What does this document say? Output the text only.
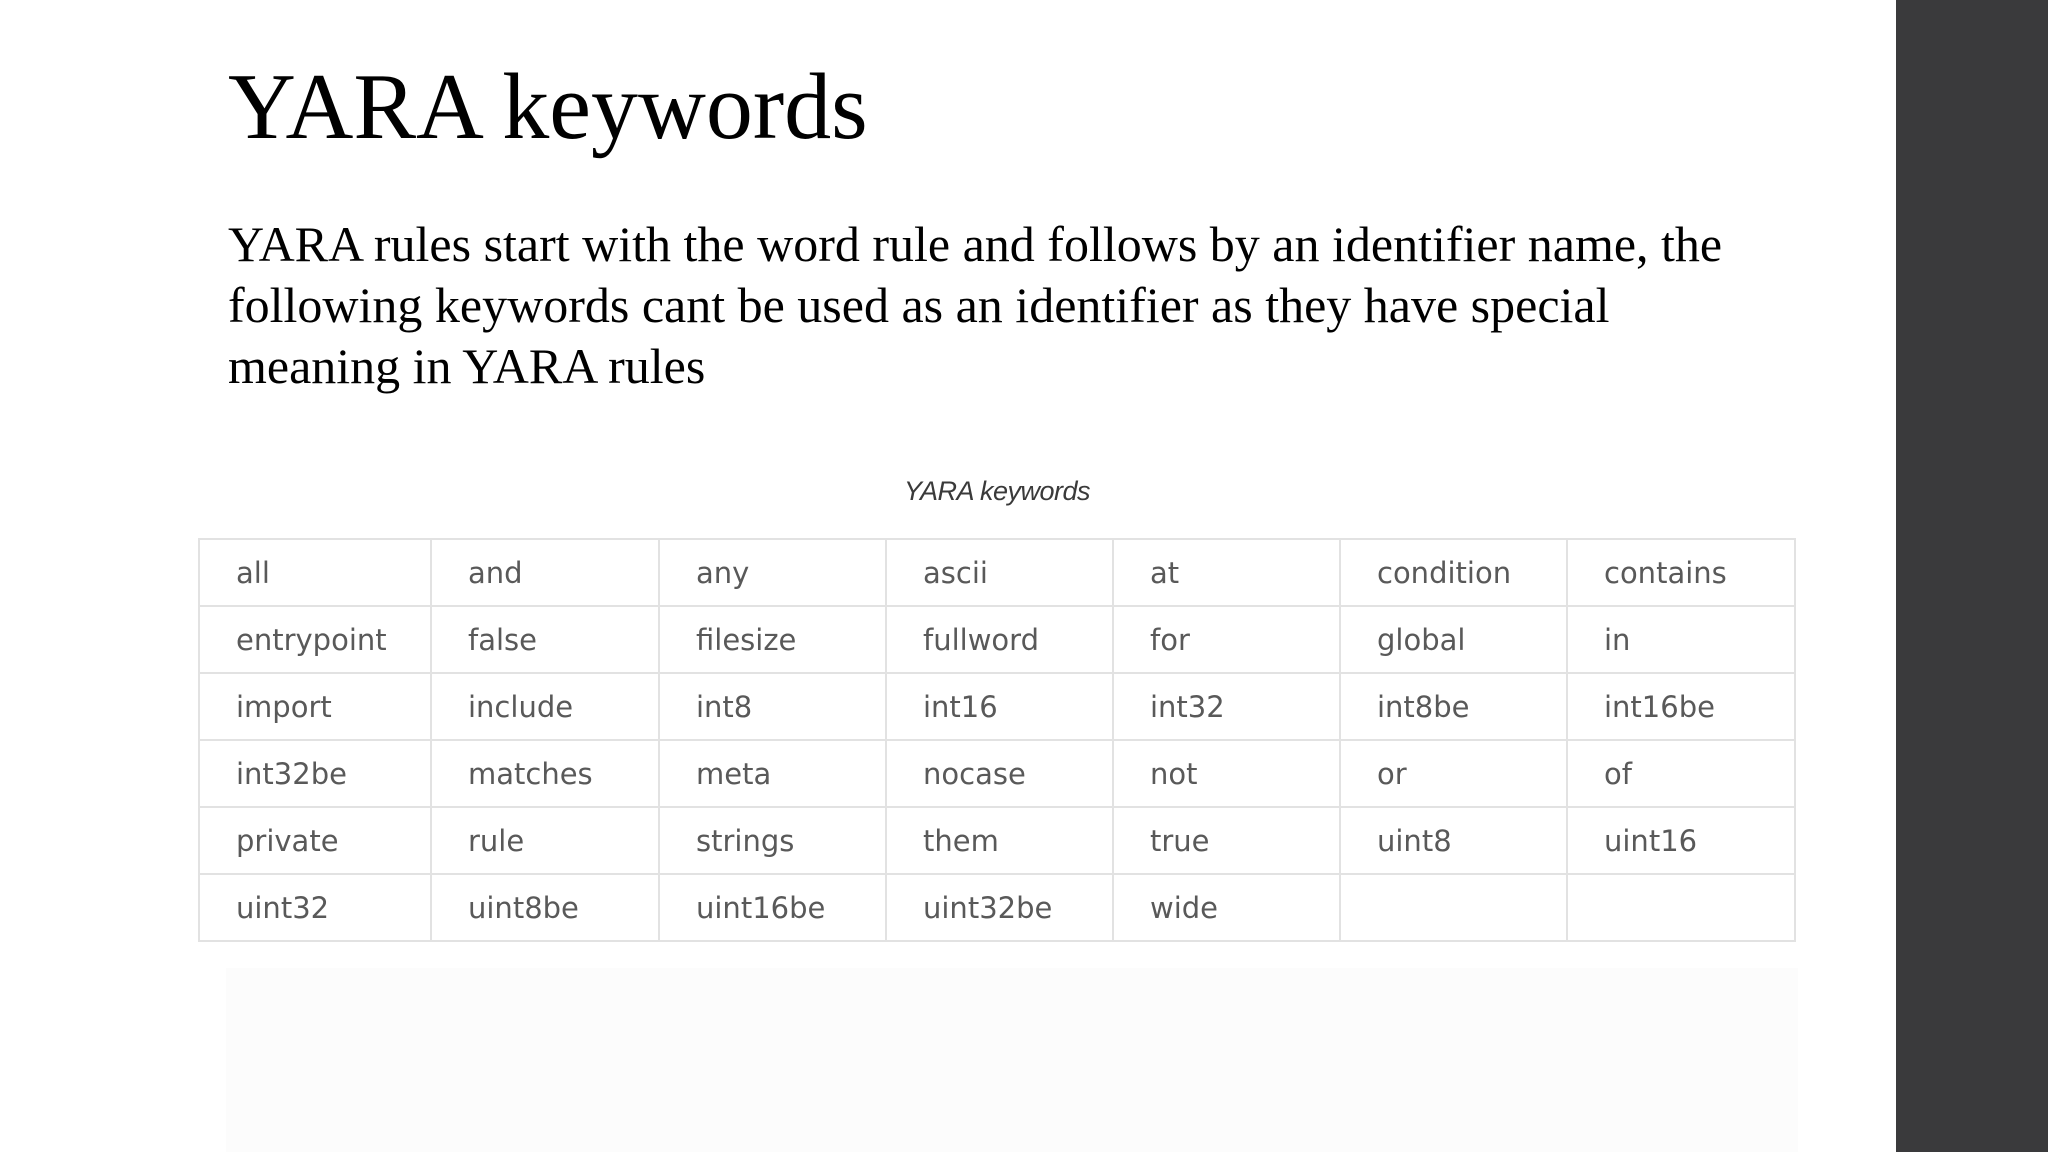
YARA keywords

YARA rules start with the word rule and follows by an identifier name, the following keywords cant be used as an identifier as they have special meaning in YARA rules

YARA keywords
all	and	any	ascii	at	condition	contains
entrypoint	false	filesize	fullword	for	global	in
import	include	int8	int16	int32	int8be	int16be
int32be	matches	meta	nocase	not	or	of
private	rule	strings	them	true	uint8	uint16
uint32	uint8be	uint16be	uint32be	wide		
